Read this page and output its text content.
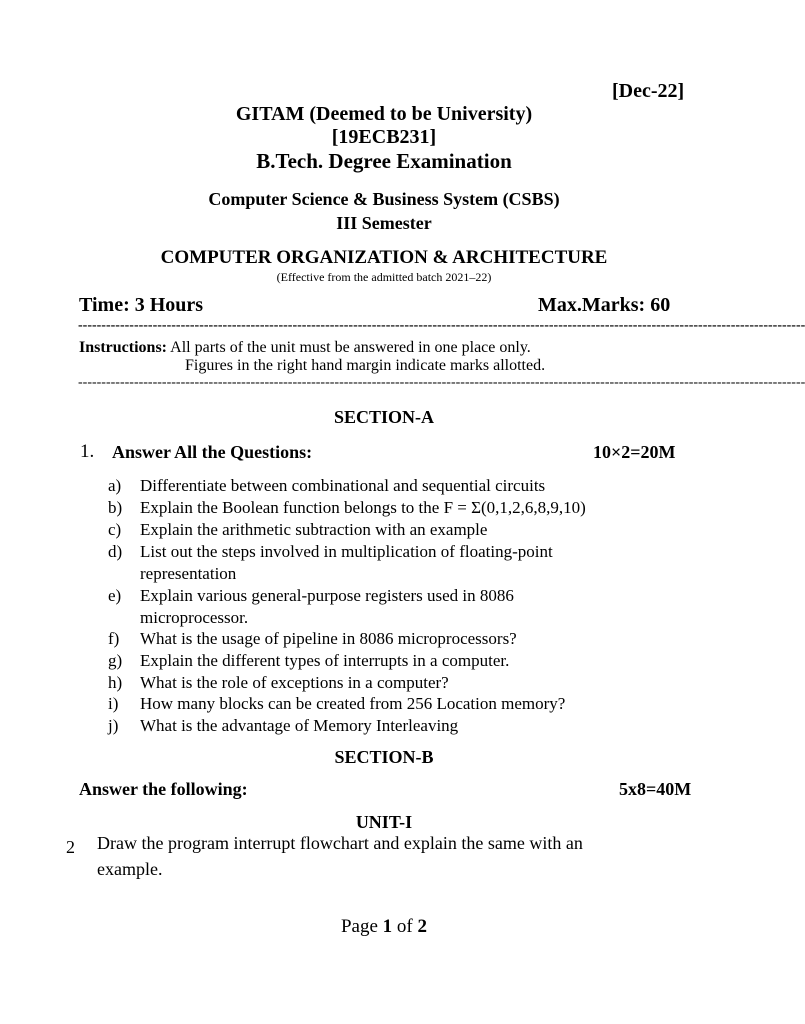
[Dec-22]
GITAM (Deemed to be University)
[19ECB231]
B.Tech. Degree Examination
Computer Science & Business System (CSBS)
III Semester
COMPUTER ORGANIZATION & ARCHITECTURE
(Effective from the admitted batch 2021–22)
Time: 3 Hours	Max.Marks: 60
------------------------------------------------------------------------------------------------------------------------------------------------------------
Instructions: All parts of the unit must be answered in one place only.
Figures in the right hand margin indicate marks allotted.
------------------------------------------------------------------------------------------------------------------------------------------------------------
SECTION-A
1. Answer All the Questions:	10×2=20M
a)	Differentiate between combinational and sequential circuits
b)	Explain the Boolean function belongs to the F = Σ(0,1,2,6,8,9,10)
c)	Explain the arithmetic subtraction with an example
d)	List out the steps involved in multiplication of floating-point
representation
e)	Explain various general-purpose registers used in 8086
microprocessor.
f)	What is the usage of pipeline in 8086 microprocessors?
g)	Explain the different types of interrupts in a computer.
h)	What is the role of exceptions in a computer?
i)	How many blocks can be created from 256 Location memory?
j)	What is the advantage of Memory Interleaving
SECTION-B
Answer the following:	5x8=40M
UNIT-I
2 Draw the program interrupt flowchart and explain the same with an
example.
Page 1 of 2
